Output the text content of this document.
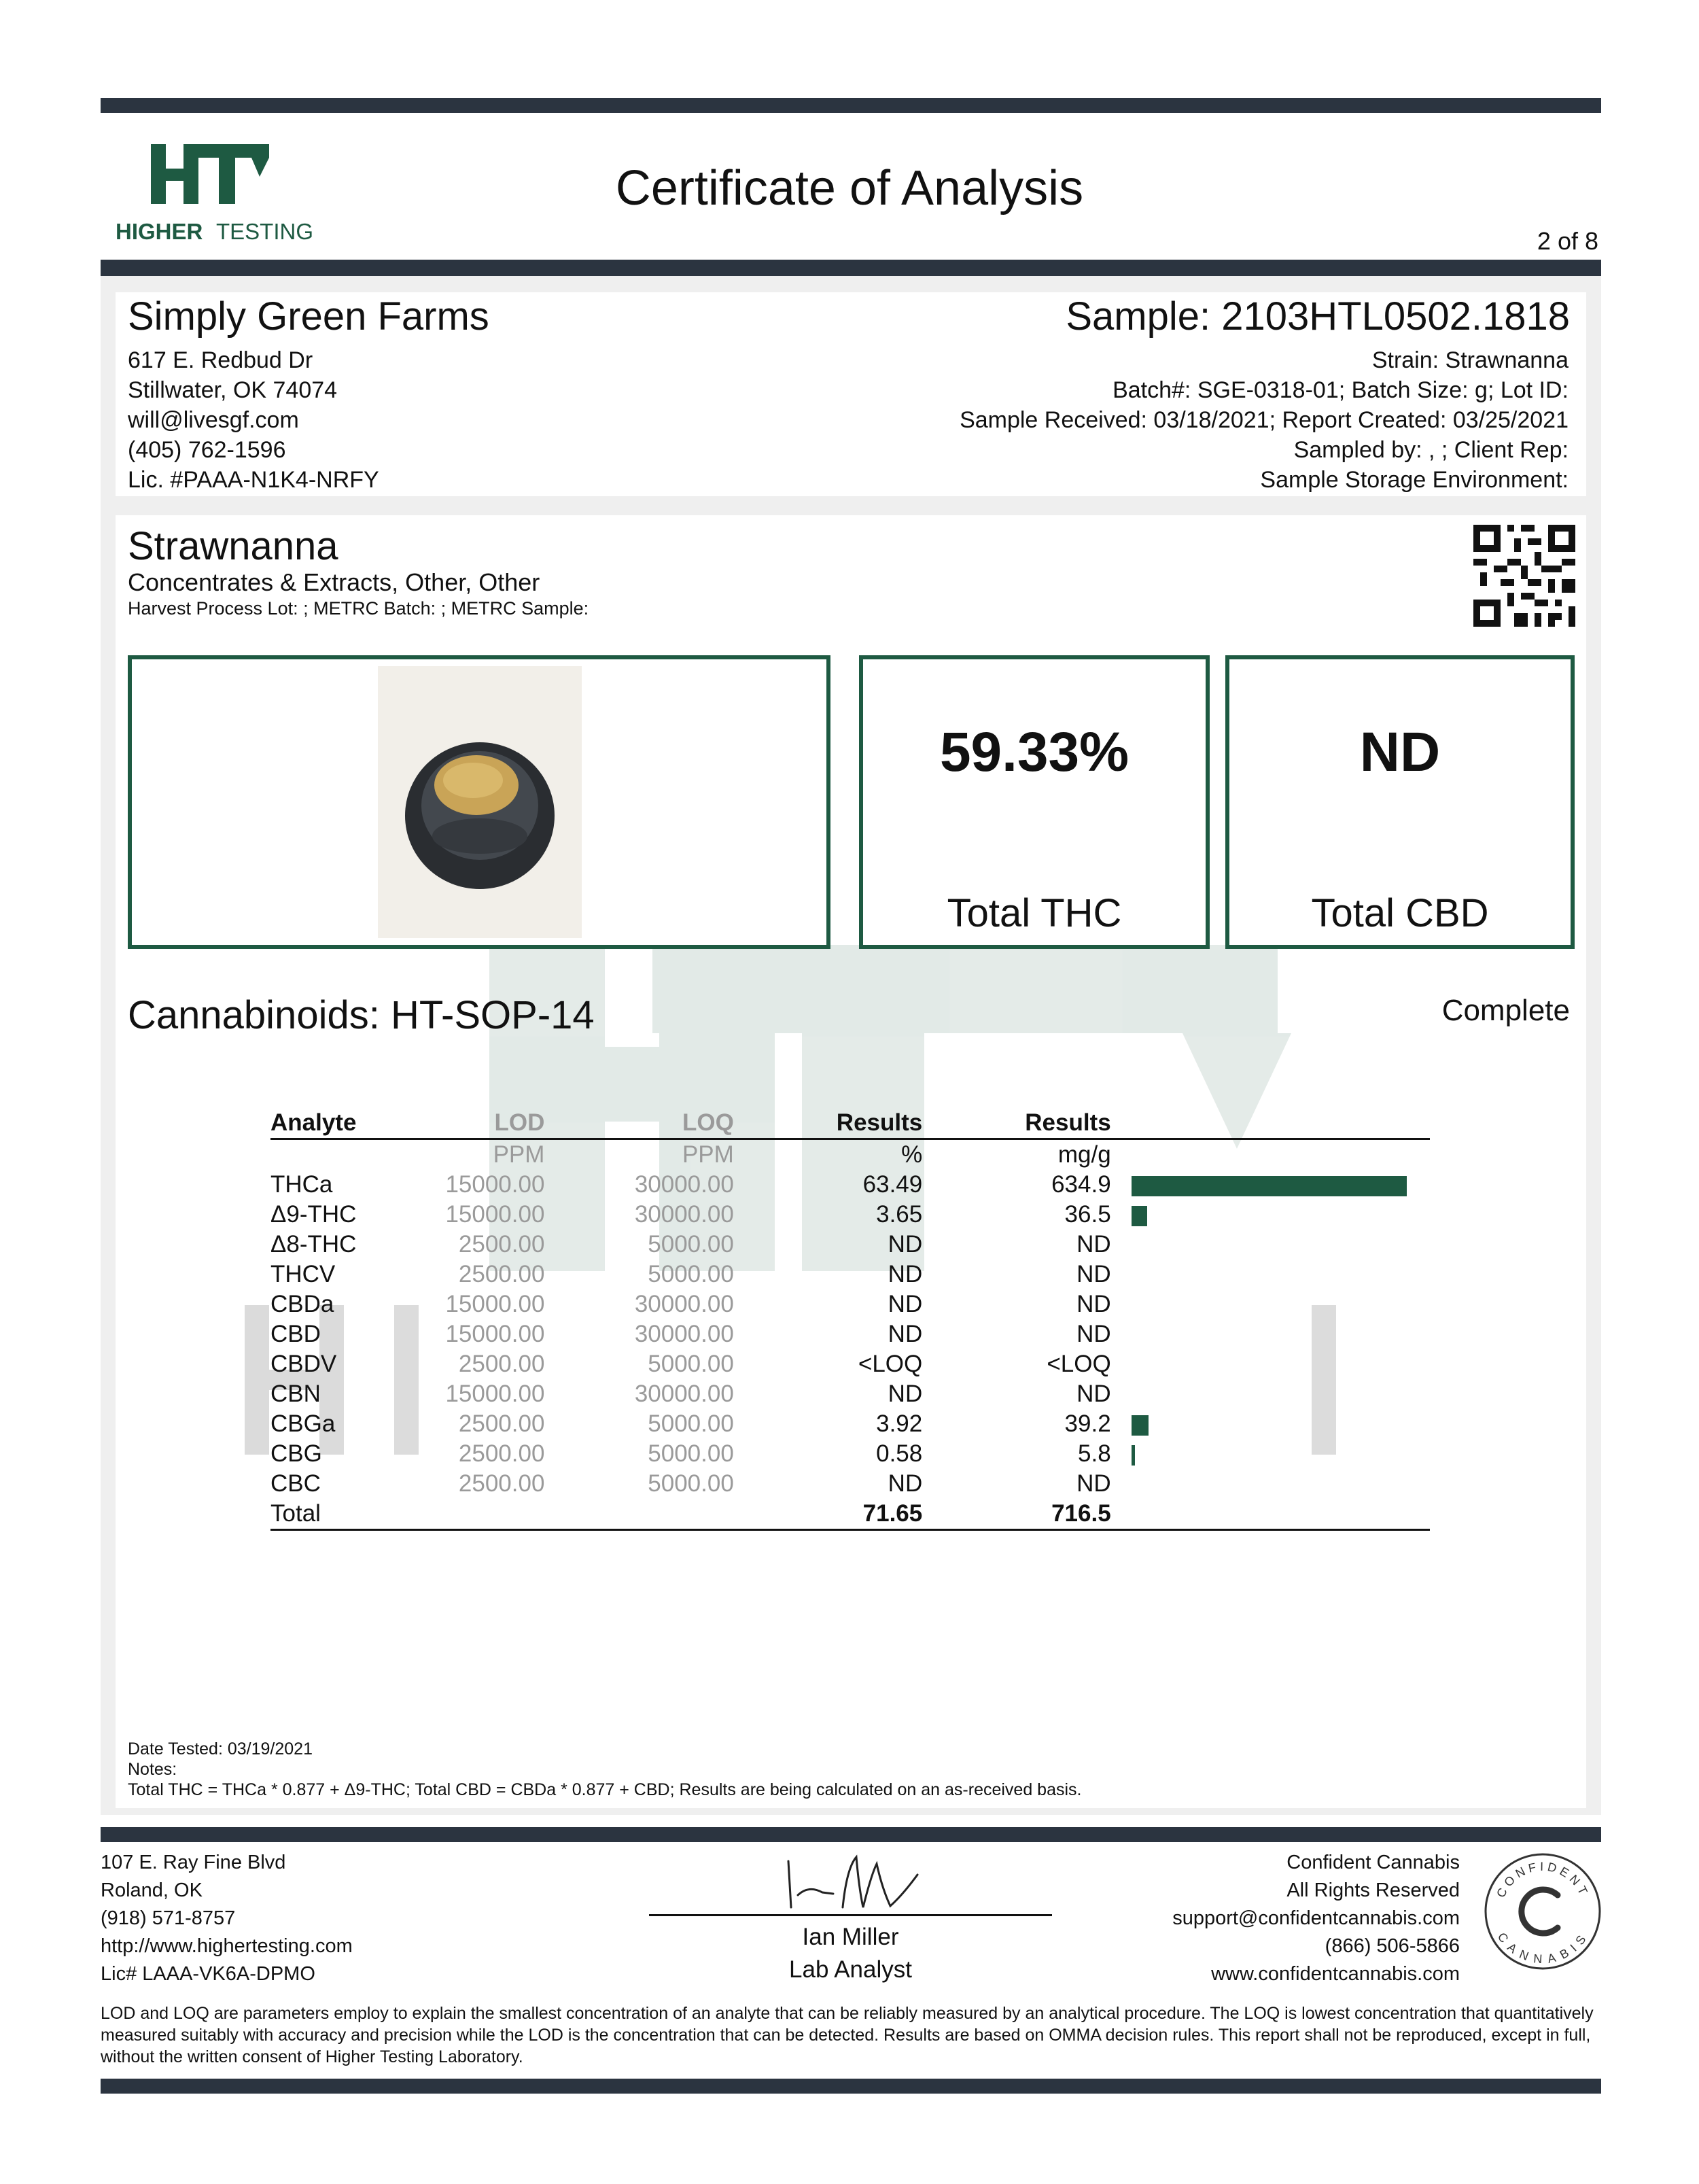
HIGHER TESTING
Certificate of Analysis
2 of 8
Simply Green Farms
617 E. Redbud Dr
Stillwater, OK 74074
will@livesgf.com
(405) 762-1596
Lic. #PAAA-N1K4-NRFY
Sample: 2103HTL0502.1818
Strain: Strawnanna
Batch#: SGE-0318-01; Batch Size: g; Lot ID:
Sample Received: 03/18/2021; Report Created: 03/25/2021
Sampled by: , ; Client Rep:
Sample Storage Environment:
Strawnanna
Concentrates & Extracts, Other, Other
Harvest Process Lot: ; METRC Batch: ; METRC Sample:
59.33%
Total THC
ND
Total CBD
Cannabinoids: HT-SOP-14	Complete
Analyte	LOD	LOQ	Results	Results	
	PPM	PPM	%	mg/g	
THCa	15000.00	30000.00	63.49	634.9	
Δ9-THC	15000.00	30000.00	3.65	36.5	
Δ8-THC	2500.00	5000.00	ND	ND	
THCV	2500.00	5000.00	ND	ND	
CBDa	15000.00	30000.00	ND	ND	
CBD	15000.00	30000.00	ND	ND	
CBDV	2500.00	5000.00	<LOQ	<LOQ	
CBN	15000.00	30000.00	ND	ND	
CBGa	2500.00	5000.00	3.92	39.2	
CBG	2500.00	5000.00	0.58	5.8	
CBC	2500.00	5000.00	ND	ND	
Total			71.65	716.5	
Date Tested: 03/19/2021
Notes:
Total THC = THCa * 0.877 + Δ9-THC; Total CBD = CBDa * 0.877 + CBD; Results are being calculated on an as-received basis.
107 E. Ray Fine Blvd
Roland, OK
(918) 571-8757
http://www.highertesting.com
Lic# LAAA-VK6A-DPMO
Ian Miller
Lab Analyst
Confident Cannabis
All Rights Reserved
support@confidentcannabis.com
(866) 506-5866
www.confidentcannabis.com
CONFIDENT
CANNABIS
LOD and LOQ are parameters employ to explain the smallest concentration of an analyte that can be reliably measured by an analytical procedure. The LOQ is lowest concentration that quantitatively measured suitably with accuracy and precision while the LOD is the concentration that can be detected. Results are based on OMMA decision rules. This report shall not be reproduced, except in full, without the written consent of Higher Testing Laboratory.
